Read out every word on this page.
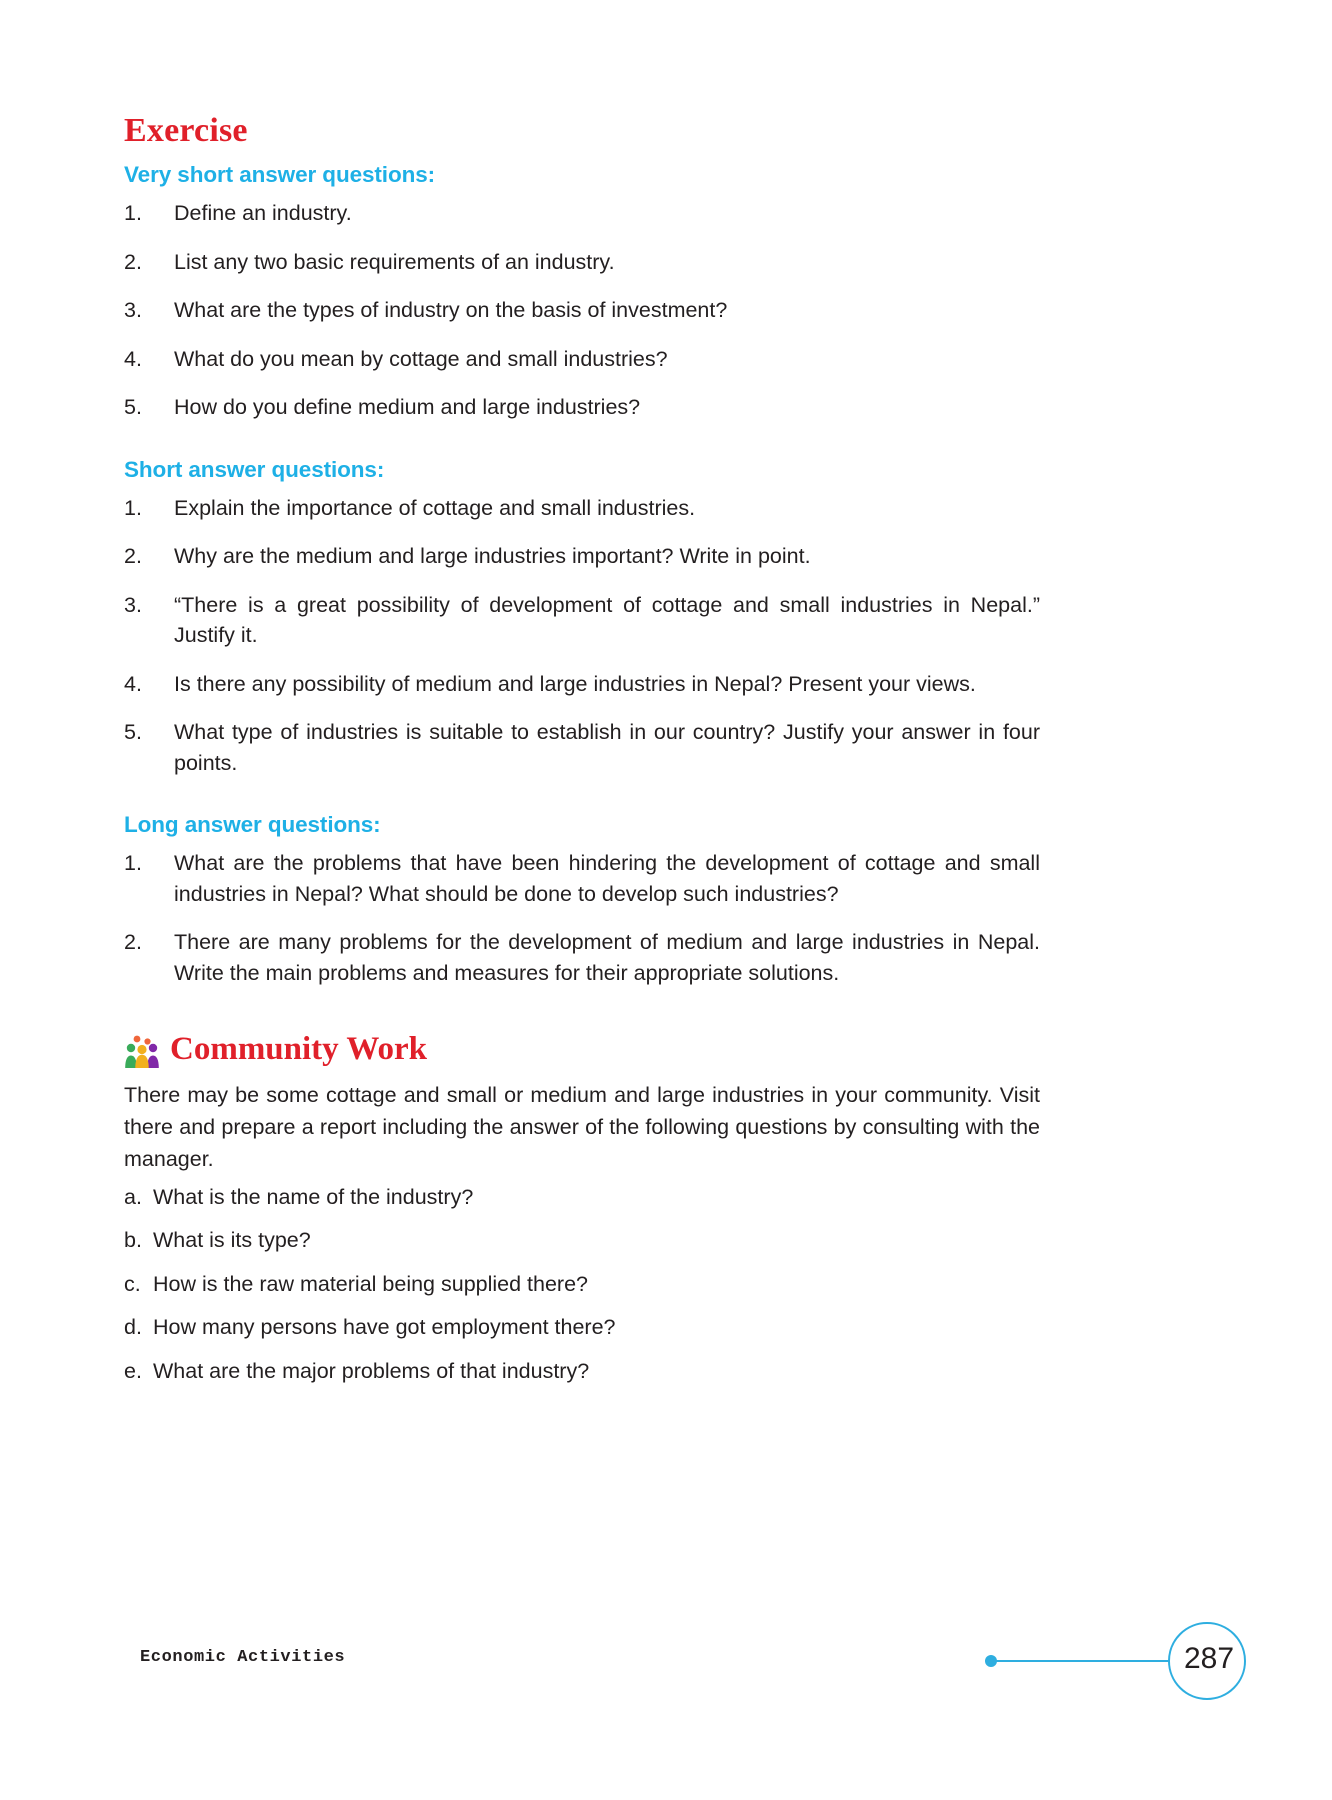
Exercise
Very short answer questions:
1.	Define an industry.
2.	List any two basic requirements of an industry.
3.	What are the types of industry on the basis of investment?
4.	What do you mean by cottage and small industries?
5.	How do you define medium and large industries?
Short answer questions:
1.	Explain the importance of cottage and small industries.
2.	Why are the medium and large industries important? Write in point.
3.	“There is a great possibility of development of cottage and small industries in Nepal.” Justify it.
4.	Is there any possibility of medium and large industries in Nepal? Present your views.
5.	What type of industries is suitable to establish in our country? Justify your answer in four points.
Long answer questions:
1.	What are the problems that have been hindering the development of cottage and small industries in Nepal? What should be done to develop such industries?
2.	There are many problems for the development of medium and large industries in Nepal. Write the main problems and measures for their appropriate solutions.
Community Work

There may be some cottage and small or medium and large industries in your community. Visit there and prepare a report including the answer of the following questions by consulting with the manager.

a. What is the name of the industry?
b. What is its type?
c. How is the raw material being supplied there?
d. How many persons have got employment there?
e. What are the major problems of that industry?
Economic Activities	287
